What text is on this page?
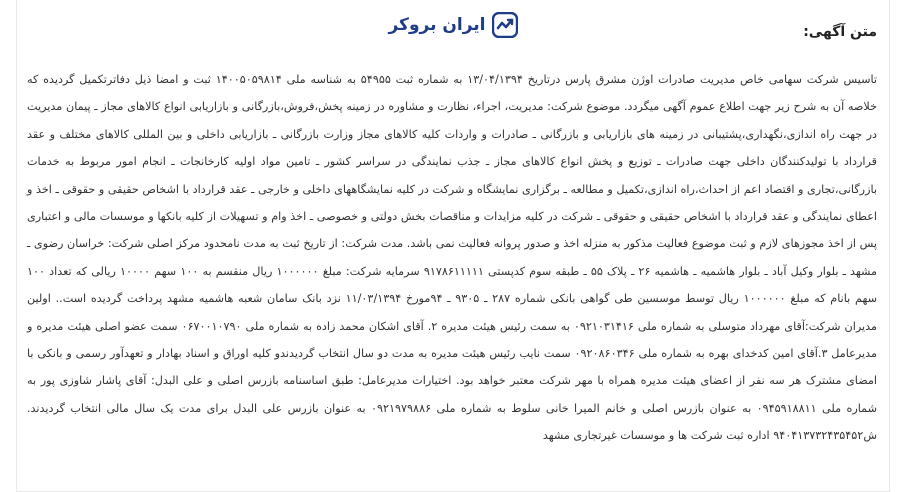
ایران بروکر	متن آگهی:
تاسیس شرکت سهامی خاص مدیریت صادرات اوژن مشرق پارس درتاریخ ۱۳/۰۴/۱۳۹۴ به شماره ثبت ۵۴۹۵۵ به شناسه ملی ۱۴۰۰۵۰۵۹۸۱۴ ثبت و امضا ذیل دفاترتکمیل گردیده که خلاصه آن به شرح زیر جهت اطلاع عموم آگهی میگردد. موضوع شرکت: مدیریت، اجراء، نظارت و مشاوره در زمینه پخش،فروش،بازرگانی و بازاریابی انواع کالاهای مجاز ـ پیمان مدیریت در جهت راه اندازی،نگهداری،پشتیبانی در زمینه های بازاریابی و بازرگانی ـ صادرات و واردات کلیه کالاهای مجاز وزارت بازرگانی ـ بازاریابی داخلی و بین المللی کالاهای مختلف و عقد قرارداد با تولیدکنندگان داخلی جهت صادرات ـ توزیع و پخش انواع کالاهای مجاز ـ جذب نمایندگی در سراسر کشور ـ تامین مواد اولیه کارخانجات ـ انجام امور مربوط به خدمات بازرگانی،تجاری و اقتصاد اعم از احداث،راه اندازی،تکمیل و مطالعه ـ برگزاری نمایشگاه و شرکت در کلیه نمایشگاههای داخلی و خارجی ـ عقد قرارداد با اشخاص حقیقی و حقوقی ـ اخذ و اعطای نمایندگی و عقد قرارداد با اشخاص حقیقی و حقوقی ـ شرکت در کلیه مزایدات و مناقصات بخش دولتی و خصوصی ـ اخذ وام و تسهیلات از کلیه بانکها و موسسات مالی و اعتباری پس از اخذ مجوزهای لازم و ثبت موضوع فعالیت مذکور به منزله اخذ و صدور پروانه فعالیت نمی باشد. مدت شرکت: از تاریخ ثبت به مدت نامحدود مرکز اصلی شرکت: خراسان رضوی ـ مشهد ـ بلوار وکیل آباد ـ بلوار هاشمیه ـ هاشمیه ۲۶ ـ پلاک ۵۵ ـ طبقه سوم کدپستی ۹۱۷۸۶۱۱۱۱۱ سرمایه شرکت: مبلغ ۱۰۰۰۰۰۰ ریال منقسم به ۱۰۰ سهم ۱۰۰۰۰ ریالی که تعداد ۱۰۰ سهم بانام که مبلغ ۱۰۰۰۰۰۰ ریال توسط موسسین طی گواهی بانکی شماره ۲۸۷ ـ ۹۳۰۵ ـ ۹۴مورخ ۱۱/۰۳/۱۳۹۴ نزد بانک سامان شعبه هاشمیه مشهد پرداخت گردیده است.. اولین مدیران شرکت:آقای مهرداد متوسلی به شماره ملی ۰۹۲۱۰۳۱۴۱۶ به سمت رئیس هیئت مدیره ۲. آقای اشکان محمد زاده به شماره ملی ۰۶۷۰۰۱۰۷۹۰ سمت عضو اصلی هیئت مدیره و مدیرعامل ۳.آقای امین کدخدای بهره به شماره ملی ۰۹۲۰۸۶۰۳۴۶ سمت نایب رئیس هیئت مدیره به مدت دو سال انتخاب گردیدندو کلیه اوراق و اسناد بهادار و تعهدآور رسمی و بانکی با امضای مشترک هر سه نفر از اعضای هیئت مدیره همراه با مهر شرکت معتبر خواهد بود. اختیارات مدیرعامل: طبق اساسنامه بازرس اصلی و علی البدل: آقای پاشار شاوزی پور به شماره ملی ۰۹۴۵۹۱۸۸۱۱ به عنوان بازرس اصلی و خانم المیرا خانی سلوط به شماره ملی ۰۹۲۱۹۷۹۸۸۶ به عنوان بازرس علی البدل برای مدت یک سال مالی انتخاب گردیدند. ش۹۴۰۴۱۳۷۳۲۴۳۵۴۵۲ اداره ثبت شرکت ها و موسسات غیرتجاری مشهد
